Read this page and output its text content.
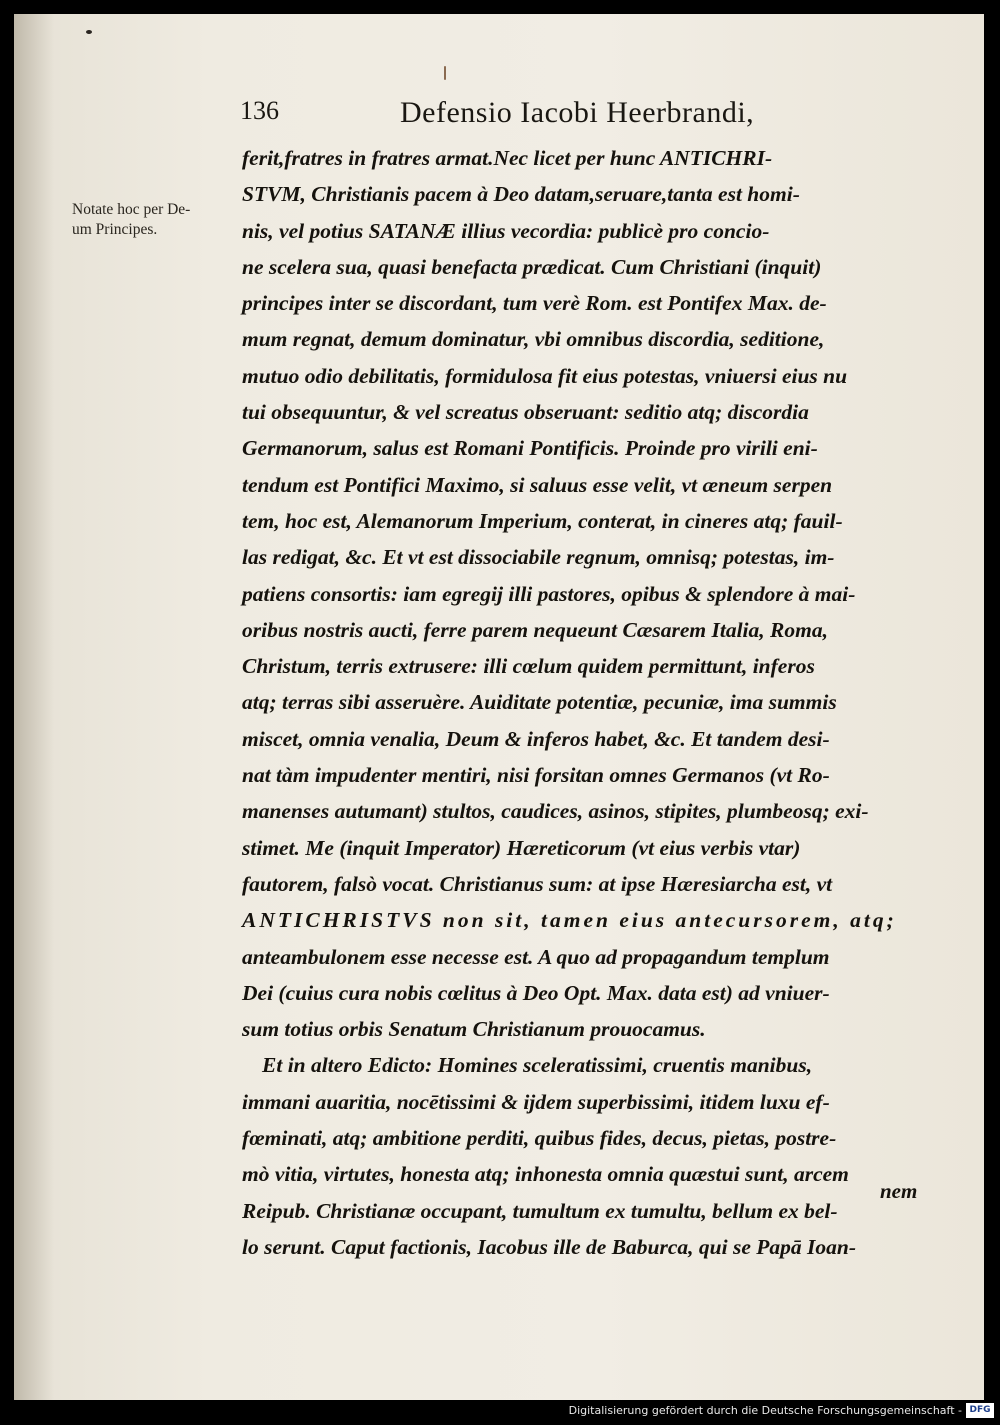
136	Defensio Iacobi Heerbrandi,
Notate hoc per De-
um Principes.
ferit,fratres in fratres armat.Nec licet per hunc ANTICHRI-
STVM, Christianis pacem à Deo datam,seruare,tanta est homi-
nis, vel potius SATANÆ illius vecordia: publicè pro concio-
ne scelera sua, quasi benefacta prædicat. Cum Christiani (inquit)
principes inter se discordant, tum verè Rom. est Pontifex Max. de-
mum regnat, demum dominatur, vbi omnibus discordia, seditione,
mutuo odio debilitatis, formidulosa fit eius potestas, vniuersi eius nu
tui obsequuntur, & vel screatus obseruant: seditio atq; discordia
Germanorum, salus est Romani Pontificis. Proinde pro virili eni-
tendum est Pontifici Maximo, si saluus esse velit, vt æneum serpen
tem, hoc est, Alemanorum Imperium, conterat, in cineres atq; fauil-
las redigat, &c. Et vt est dissociabile regnum, omnisq; potestas, im-
patiens consortis: iam egregij illi pastores, opibus & splendore à mai-
oribus nostris aucti, ferre parem nequeunt Cæsarem Italia, Roma,
Christum, terris extrusere: illi cœlum quidem permittunt, inferos
atq; terras sibi asseruère. Auiditate potentiæ, pecuniæ, ima summis
miscet, omnia venalia, Deum & inferos habet, &c. Et tandem desi-
nat tàm impudenter mentiri, nisi forsitan omnes Germanos (vt Ro-
manenses autumant) stultos, caudices, asinos, stipites, plumbeosq; exi-
stimet. Me (inquit Imperator) Hæreticorum (vt eius verbis vtar)
fautorem, falsò vocat. Christianus sum: at ipse Hæresiarcha est, vt
ANTICHRISTVS non sit, tamen eius antecursorem, atq;
anteambulonem esse necesse est. A quo ad propagandum templum
Dei (cuius cura nobis cœlitus à Deo Opt. Max. data est) ad vniuer-
sum totius orbis Senatum Christianum prouocamus.
Et in altero Edicto: Homines sceleratissimi, cruentis manibus,
immani auaritia, nocētissimi & ijdem superbissimi, itidem luxu ef-
fœminati, atq; ambitione perditi, quibus fides, decus, pietas, postre-
mò vitia, virtutes, honesta atq; inhonesta omnia quæstui sunt, arcem
Reipub. Christianæ occupant, tumultum ex tumultu, bellum ex bel-
lo serunt. Caput factionis, Iacobus ille de Baburca, qui se Papā Ioan-
nem
Digitalisierung gefördert durch die Deutsche Forschungsgemeinschaft - DFG
